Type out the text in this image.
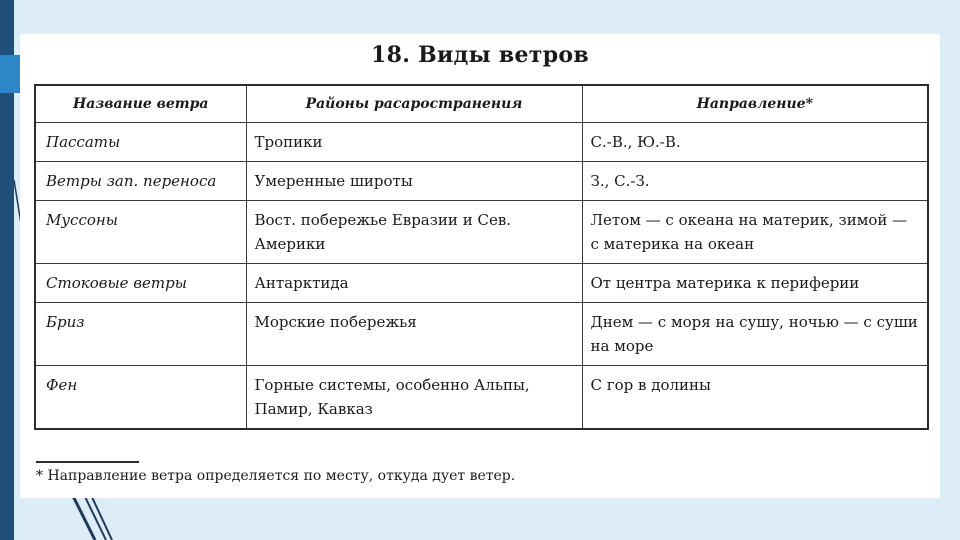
18. Виды ветров
Название ветра	Районы расаространения	Направление*
Пассаты	Тропики	С.-В., Ю.-В.
Ветры зап. переноса	Умеренные широты	З., С.-З.
Муссоны	Вост. побережье Евразии и Сев. Америки	Летом — с океана на материк, зимой — с материка на океан
Стоковые ветры	Антарктида	От центра материка к периферии
Бриз	Морские побережья	Днем — с моря на сушу, ночью — с суши на море
Фен	Горные системы, особенно Альпы, Памир, Кавказ	С гор в долины
* Направление ветра определяется по месту, откуда дует ветер.
